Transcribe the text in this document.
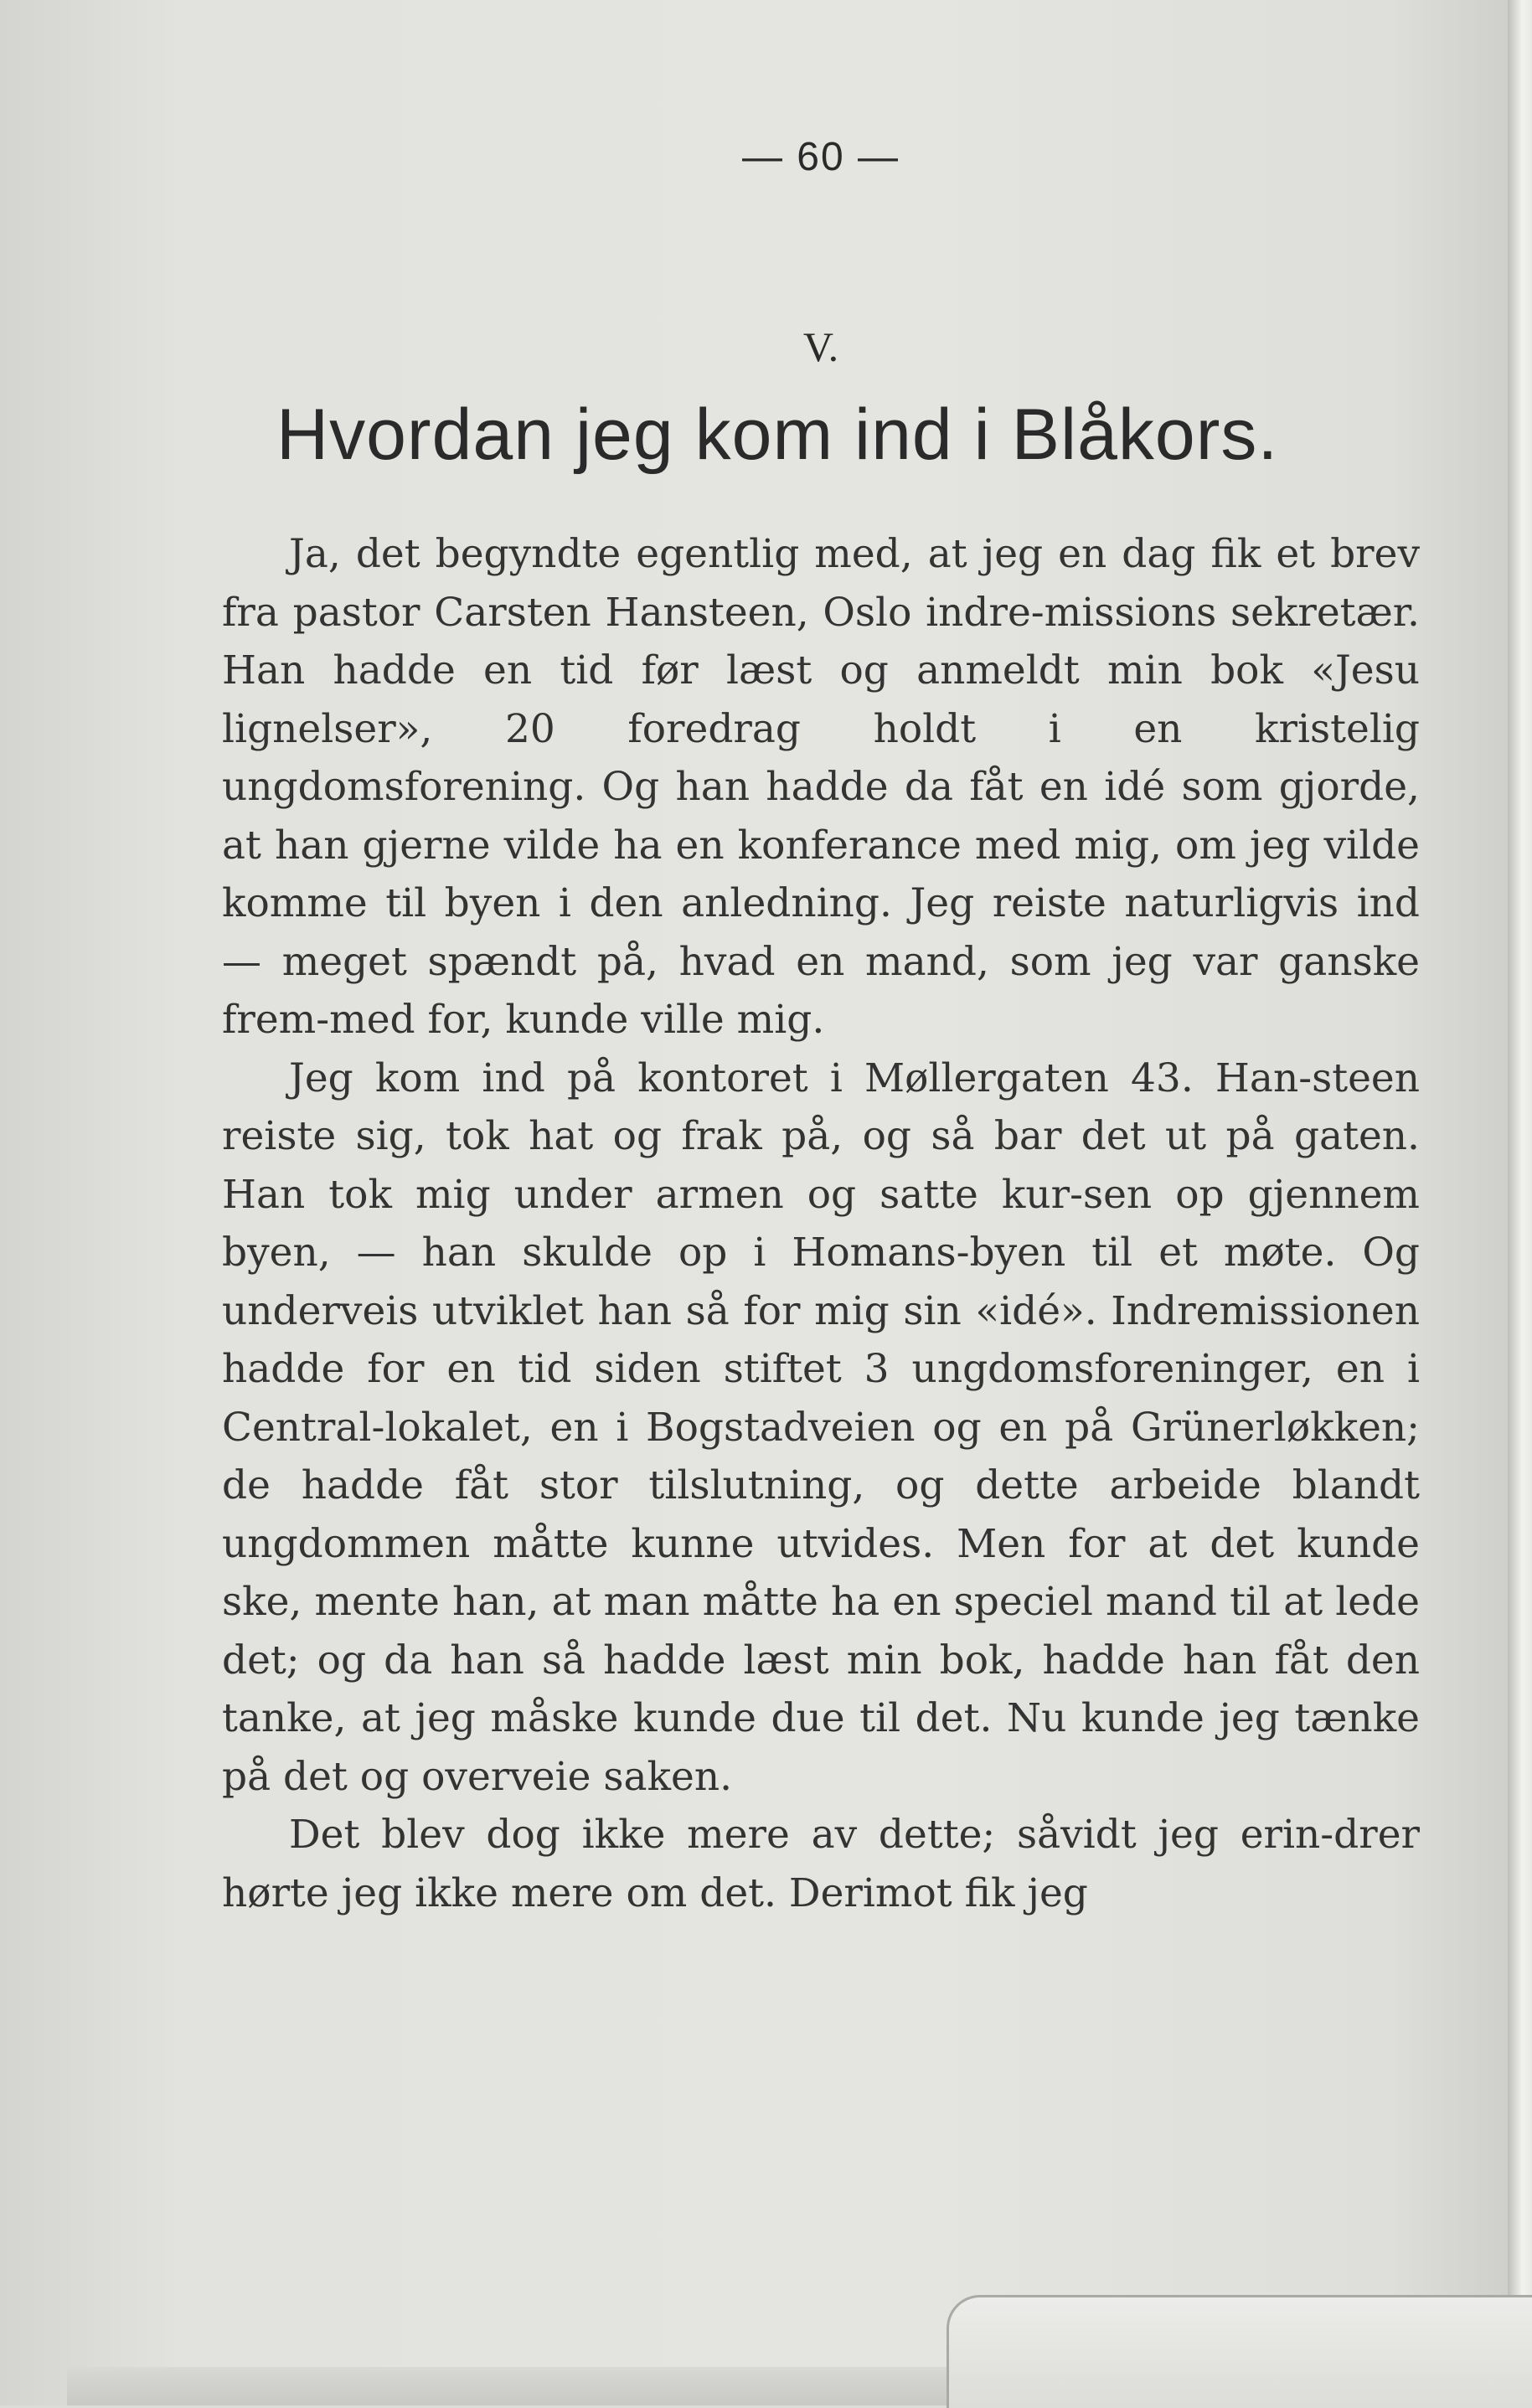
— 60 —
V.
Hvordan jeg kom ind i Blåkors.

Ja, det begyndte egentlig med, at jeg en dag fik et brev fra pastor Carsten Hansteen, Oslo indre-missions sekretær. Han hadde en tid før læst og anmeldt min bok «Jesu lignelser», 20 foredrag holdt i en kristelig ungdomsforening. Og han hadde da fåt en idé som gjorde, at han gjerne vilde ha en konferance med mig, om jeg vilde komme til byen i den anledning. Jeg reiste naturligvis ind — meget spændt på, hvad en mand, som jeg var ganske frem-med for, kunde ville mig.

Jeg kom ind på kontoret i Møllergaten 43. Han-steen reiste sig, tok hat og frak på, og så bar det ut på gaten. Han tok mig under armen og satte kur-sen op gjennem byen, — han skulde op i Homans-byen til et møte. Og underveis utviklet han så for mig sin «idé». Indremissionen hadde for en tid siden stiftet 3 ungdomsforeninger, en i Central-lokalet, en i Bogstadveien og en på Grünerløkken; de hadde fåt stor tilslutning, og dette arbeide blandt ungdommen måtte kunne utvides. Men for at det kunde ske, mente han, at man måtte ha en speciel mand til at lede det; og da han så hadde læst min bok, hadde han fåt den tanke, at jeg måske kunde due til det. Nu kunde jeg tænke på det og overveie saken.

Det blev dog ikke mere av dette; såvidt jeg erin-drer hørte jeg ikke mere om det. Derimot fik jeg
